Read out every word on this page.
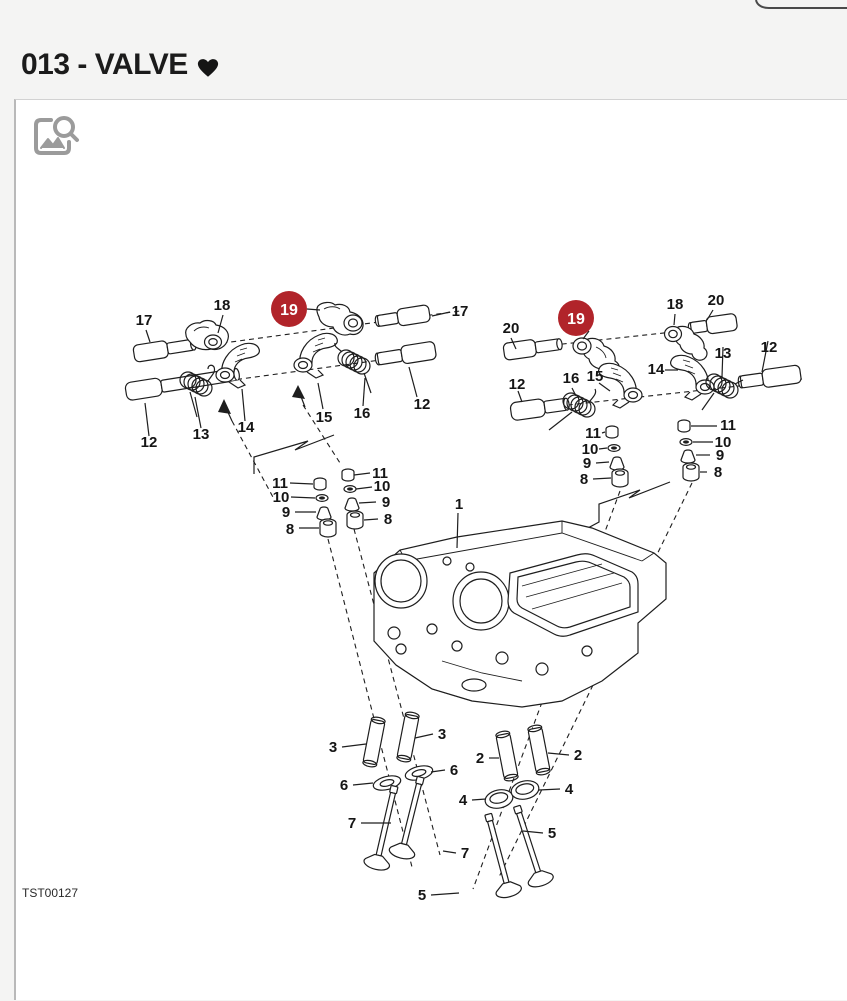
013 - VALVE
TST00127
17
18	17
12
16
15
14
13
12
20
18 20
12
13
14
15
16
12
11
10
9
8
11
10
9
8
11
10
9
8
11
10
9
8
1
3
3
2	2
6
6
4
4
7
7
5
5
19
19
